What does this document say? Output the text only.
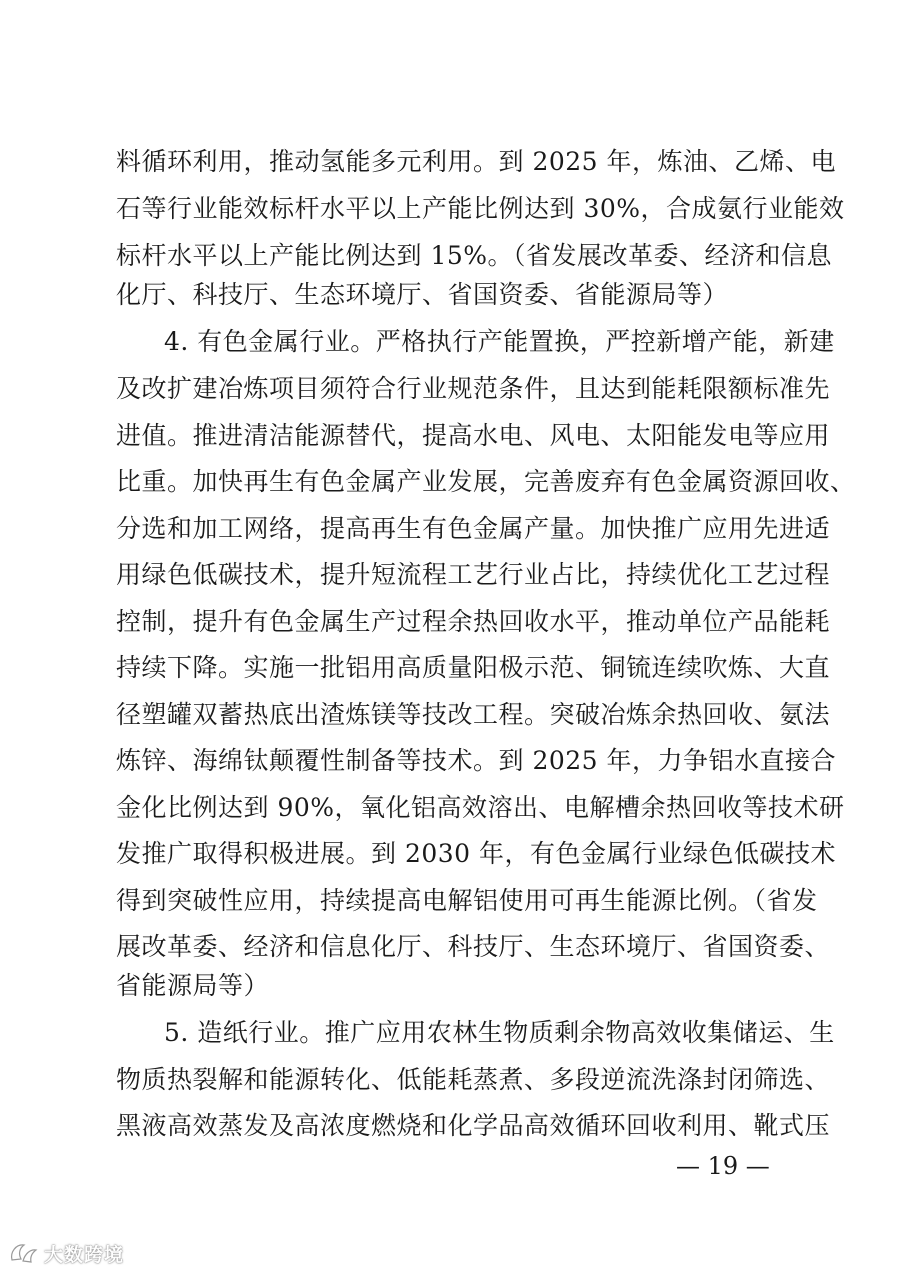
料循环利用，推动氢能多元利用。到 2025 年，炼油、乙烯、电
石等行业能效标杆水平以上产能比例达到 30%，合成氨行业能效
标杆水平以上产能比例达到 15%。（省发展改革委、经济和信息
化厅、科技厅、生态环境厅、省国资委、省能源局等）
4. 有色金属行业。严格执行产能置换，严控新增产能，新建
及改扩建冶炼项目须符合行业规范条件，且达到能耗限额标准先
进值。推进清洁能源替代，提高水电、风电、太阳能发电等应用
比重。加快再生有色金属产业发展，完善废弃有色金属资源回收、
分选和加工网络，提高再生有色金属产量。加快推广应用先进适
用绿色低碳技术，提升短流程工艺行业占比，持续优化工艺过程
控制，提升有色金属生产过程余热回收水平，推动单位产品能耗
持续下降。实施一批铝用高质量阳极示范、铜锍连续吹炼、大直
径塑罐双蓄热底出渣炼镁等技改工程。突破冶炼余热回收、氨法
炼锌、海绵钛颠覆性制备等技术。到 2025 年，力争铝水直接合
金化比例达到 90%，氧化铝高效溶出、电解槽余热回收等技术研
发推广取得积极进展。到 2030 年，有色金属行业绿色低碳技术
得到突破性应用，持续提高电解铝使用可再生能源比例。（省发
展改革委、经济和信息化厅、科技厅、生态环境厅、省国资委、
省能源局等）
5. 造纸行业。推广应用农林生物质剩余物高效收集储运、生
物质热裂解和能源转化、低能耗蒸煮、多段逆流洗涤封闭筛选、
黑液高效蒸发及高浓度燃烧和化学品高效循环回收利用、靴式压
— 19 —
大数跨境
